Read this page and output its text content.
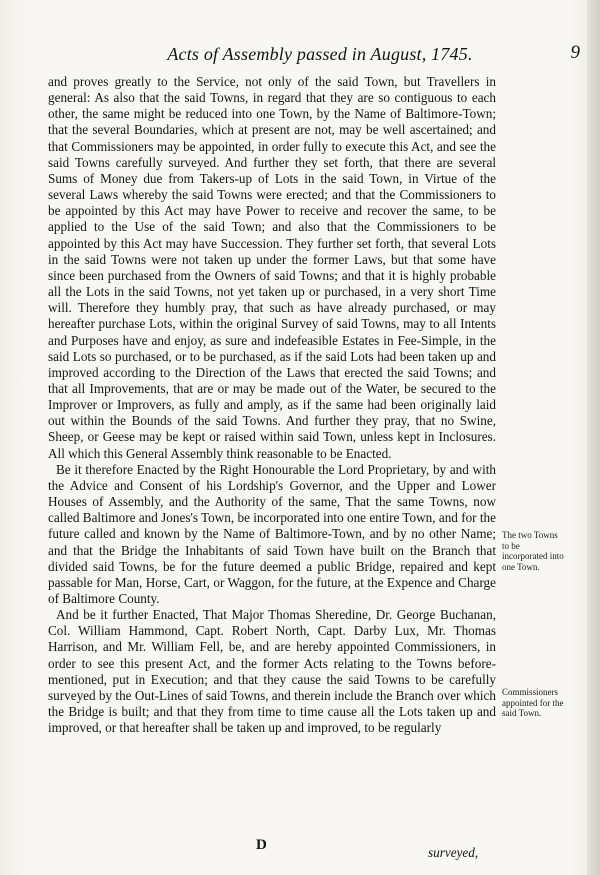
Acts of Assembly passed in August, 1745.	9

and proves greatly to the Service, not only of the said Town, but Travellers in general: As also that the said Towns, in regard that they are so contiguous to each other, the same might be reduced into one Town, by the Name of Baltimore-Town; that the several Boundaries, which at present are not, may be well ascertained; and that Commissioners may be appointed, in order fully to execute this Act, and see the said Towns carefully surveyed. And further they set forth, that there are several Sums of Money due from Takers-up of Lots in the said Town, in Virtue of the several Laws whereby the said Towns were erected; and that the Commissioners to be appointed by this Act may have Power to receive and recover the same, to be applied to the Use of the said Town; and also that the Commissioners to be appointed by this Act may have Succession. They further set forth, that several Lots in the said Towns were not taken up under the former Laws, but that some have since been purchased from the Owners of said Towns; and that it is highly probable all the Lots in the said Towns, not yet taken up or purchased, in a very short Time will. Therefore they humbly pray, that such as have already purchased, or may hereafter purchase Lots, within the original Survey of said Towns, may to all Intents and Purposes have and enjoy, as sure and indefeasible Estates in Fee-Simple, in the said Lots so purchased, or to be purchased, as if the said Lots had been taken up and improved according to the Direction of the Laws that erected the said Towns; and that all Improvements, that are or may be made out of the Water, be secured to the Improver or Improvers, as fully and amply, as if the same had been originally laid out within the Bounds of the said Towns. And further they pray, that no Swine, Sheep, or Geese may be kept or raised within said Town, unless kept in Inclosures. All which this General Assembly think reasonable to be Enacted.

Be it therefore Enacted by the Right Honourable the Lord Proprietary, by and with the Advice and Consent of his Lordship's Governor, and the Upper and Lower Houses of Assembly, and the Authority of the same, That the same Towns, now called Baltimore and Jones's Town, be incorporated into one entire Town, and for the future called and known by the Name of Baltimore-Town, and by no other Name; and that the Bridge the Inhabitants of said Town have built on the Branch that divided said Towns, be for the future deemed a public Bridge, repaired and kept passable for Man, Horse, Cart, or Waggon, for the future, at the Expence and Charge of Baltimore County.

And be it further Enacted, That Major Thomas Sheredine, Dr. George Buchanan, Col. William Hammond, Capt. Robert North, Capt. Darby Lux, Mr. Thomas Harrison, and Mr. William Fell, be, and are hereby appointed Commissioners, in order to see this present Act, and the former Acts relating to the Towns before-mentioned, put in Execution; and that they cause the said Towns to be carefully surveyed by the Out-Lines of said Towns, and therein include the Branch over which the Bridge is built; and that they from time to time cause all the Lots taken up and improved, or that hereafter shall be taken up and improved, to be regularly

The two Towns to be incorporated into one Town.
Commissioners appointed for the said Town.
D	surveyed,
